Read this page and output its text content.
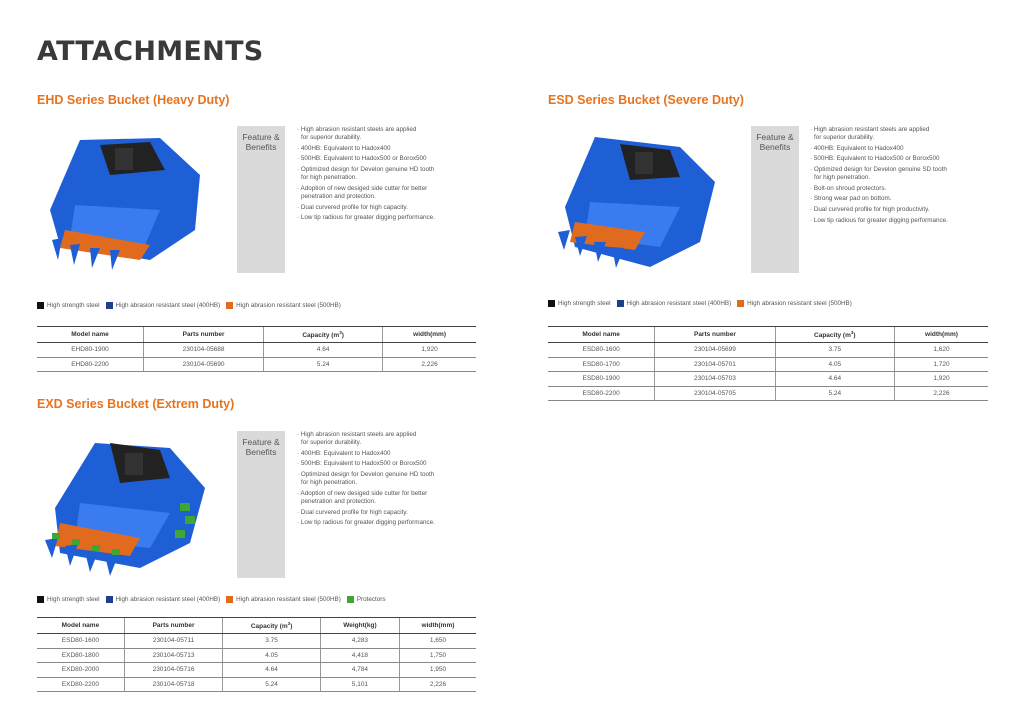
ATTACHMENTS
EHD Series Bucket (Heavy Duty)
Feature &
Benefits
· High abrasion resistant steels are applied
for superior durability.
· 400HB: Equivalent to Hadox400
· 500HB: Equivalent to Hadox500 or Borox500
· Optimized design for Develon genuine HD tooth
for high penetration.
· Adoption of new desiged side cutter for better
penetration and protection.
· Dual curvered profile for high capacity.
· Low tip radious for greater digging performance.
High strength steel	High abrasion resistant steel (400HB)	High abrasion resistant steel (500HB)
Model name	Parts number	Capacity $(m^3)$	width(mm)
EHD80-1900	230104-05688	4.64	1,920
EHD80-2200	230104-05690	5.24	2,226
ESD Series Bucket (Severe Duty)
Feature &
Benefits
· High abrasion resistant steels are applied
for superior durability.
· 400HB: Equivalent to Hadox400
· 500HB: Equivalent to Hadox500 or Borox500
· Optimized design for Develon genuine SD tooth
for high penetration.
· Bolt-on shroud protectors.
· Strong wear pad on bottom.
· Dual curvered profile for high productivity.
· Low tip radious for greater digging performance.
High strength steel	High abrasion resistant steel (400HB)	High abrasion resistant steel (500HB)
Model name	Parts number	Capacity $(m^3)$	width(mm)
ESD80-1600	230104-05699	3.75	1,620
ESD80-1700	230104-05701	4.05	1,720
ESD80-1900	230104-05703	4.64	1,920
ESD80-2200	230104-05705	5.24	2,226
EXD Series Bucket (Extrem Duty)
Feature &
Benefits
· High abrasion resistant steels are applied
for superior durability.
· 400HB: Equivalent to Hadox400
· 500HB: Equivalent to Hadox500 or Borox500
· Optimized design for Develon genuine HD tooth
for high penetration.
· Adoption of new desiged side cutter for better
penetration and protection.
· Dual curvered profile for high capacity.
· Low tip radious for greater digging performance.
High strength steel	High abrasion resistant steel (400HB)	High abrasion resistant steel (500HB)	Protectors
Model name	Parts number	Capacity $(m^3)$	Weight(kg)	width(mm)
ESD80-1600	230104-05711	3.75	4,283	1,650
EXD80-1800	230104-05713	4.05	4,418	1,750
EXD80-2000	230104-05716	4.64	4,784	1,950
EXD80-2200	230104-05718	5.24	5,101	2,226
